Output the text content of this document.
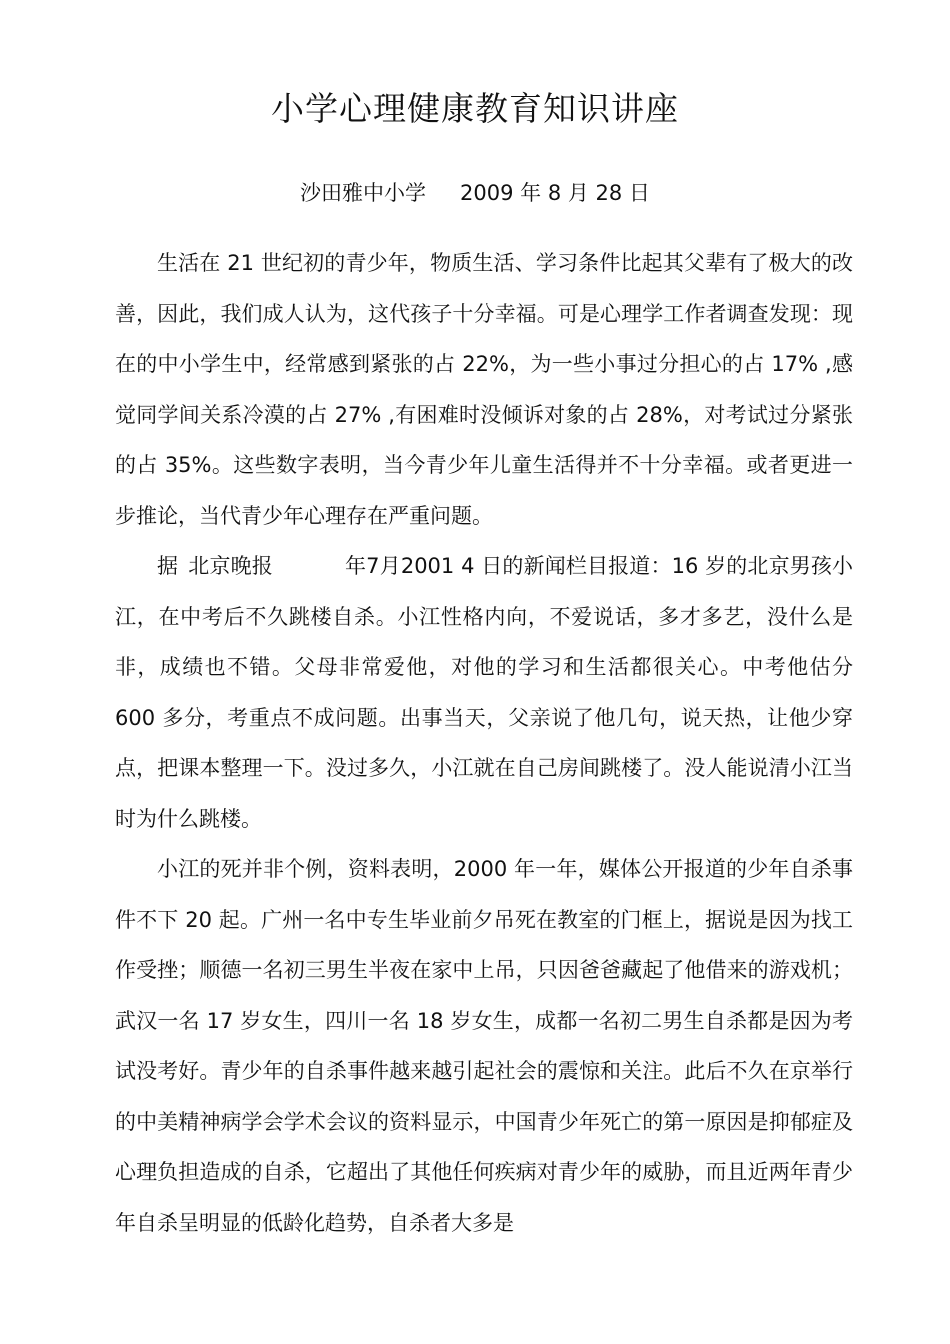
小学心理健康教育知识讲座
沙田雅中小学 2009 年 8 月 28 日

生活在 21 世纪初的青少年，物质生活、学习条件比起其父辈有了极大的改善，因此，我们成人认为，这代孩子十分幸福。可是心理学工作者调查发现：现在的中小学生中，经常感到紧张的占 22%，为一些小事过分担心的占 17% ,感觉同学间关系冷漠的占 27% ,有困难时没倾诉对象的占 28%，对考试过分紧张的占 35%。这些数字表明，当今青少年儿童生活得并不十分幸福。或者更进一步推论，当代青少年心理存在严重问题。

据 北京晚报	年7月2001 4 日的新闻栏目报道：16 岁的北京男孩小江，在中考后不久跳楼自杀。小江性格内向，不爱说话，多才多艺，没什么是非，成绩也不错。父母非常爱他，对他的学习和生活都很关心。中考他估分 600 多分，考重点不成问题。出事当天，父亲说了他几句，说天热，让他少穿点，把课本整理一下。没过多久，小江就在自己房间跳楼了。没人能说清小江当时为什么跳楼。

小江的死并非个例，资料表明，2000 年一年，媒体公开报道的少年自杀事件不下 20 起。广州一名中专生毕业前夕吊死在教室的门框上，据说是因为找工作受挫；顺德一名初三男生半夜在家中上吊，只因爸爸藏起了他借来的游戏机；武汉一名 17 岁女生，四川一名 18 岁女生，成都一名初二男生自杀都是因为考试没考好。青少年的自杀事件越来越引起社会的震惊和关注。此后不久在京举行的中美精神病学会学术会议的资料显示，中国青少年死亡的第一原因是抑郁症及心理负担造成的自杀，它超出了其他任何疾病对青少年的威胁，而且近两年青少年自杀呈明显的低龄化趋势，自杀者大多是
